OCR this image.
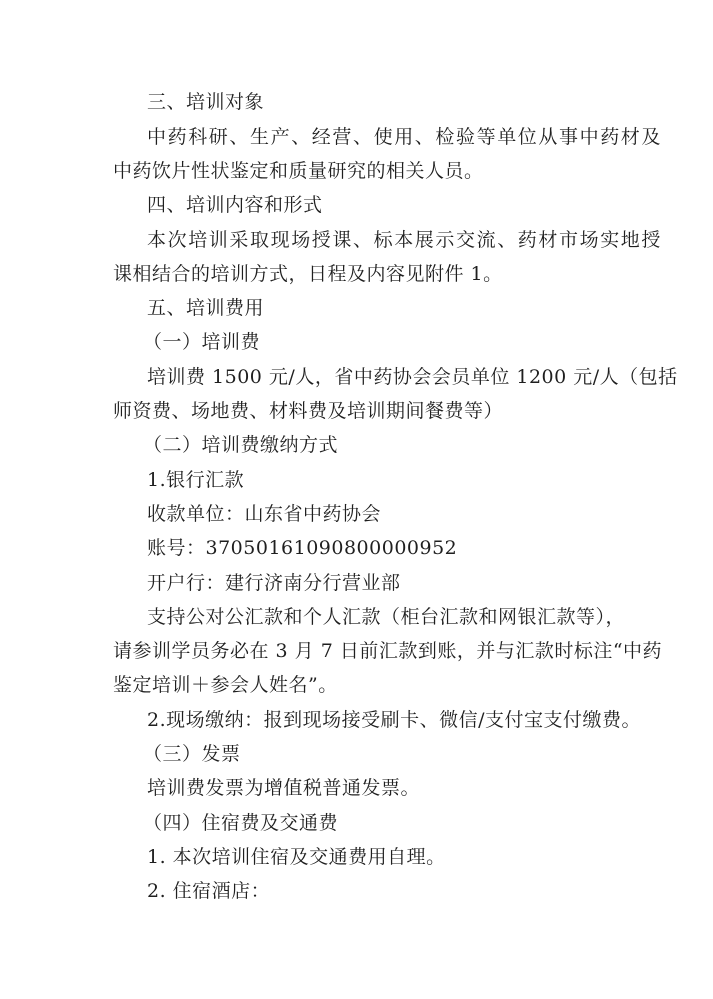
三、培训对象
中药科研、生产、经营、使用、检验等单位从事中药材及
中药饮片性状鉴定和质量研究的相关人员。
四、培训内容和形式
本次培训采取现场授课、标本展示交流、药材市场实地授
课相结合的培训方式，日程及内容见附件 1。
五、培训费用
（一）培训费
培训费 1500 元/人，省中药协会会员单位 1200 元/人（包括
师资费、场地费、材料费及培训期间餐费等）
（二）培训费缴纳方式
1.银行汇款
收款单位：山东省中药协会
账号：37050161090800000952
开户行：建行济南分行营业部
支持公对公汇款和个人汇款（柜台汇款和网银汇款等），
请参训学员务必在 3 月 7 日前汇款到账，并与汇款时标注“中药
鉴定培训＋参会人姓名”。
2.现场缴纳：报到现场接受刷卡、微信/支付宝支付缴费。
（三）发票
培训费发票为增值税普通发票。
（四）住宿费及交通费
1. 本次培训住宿及交通费用自理。
2. 住宿酒店：
